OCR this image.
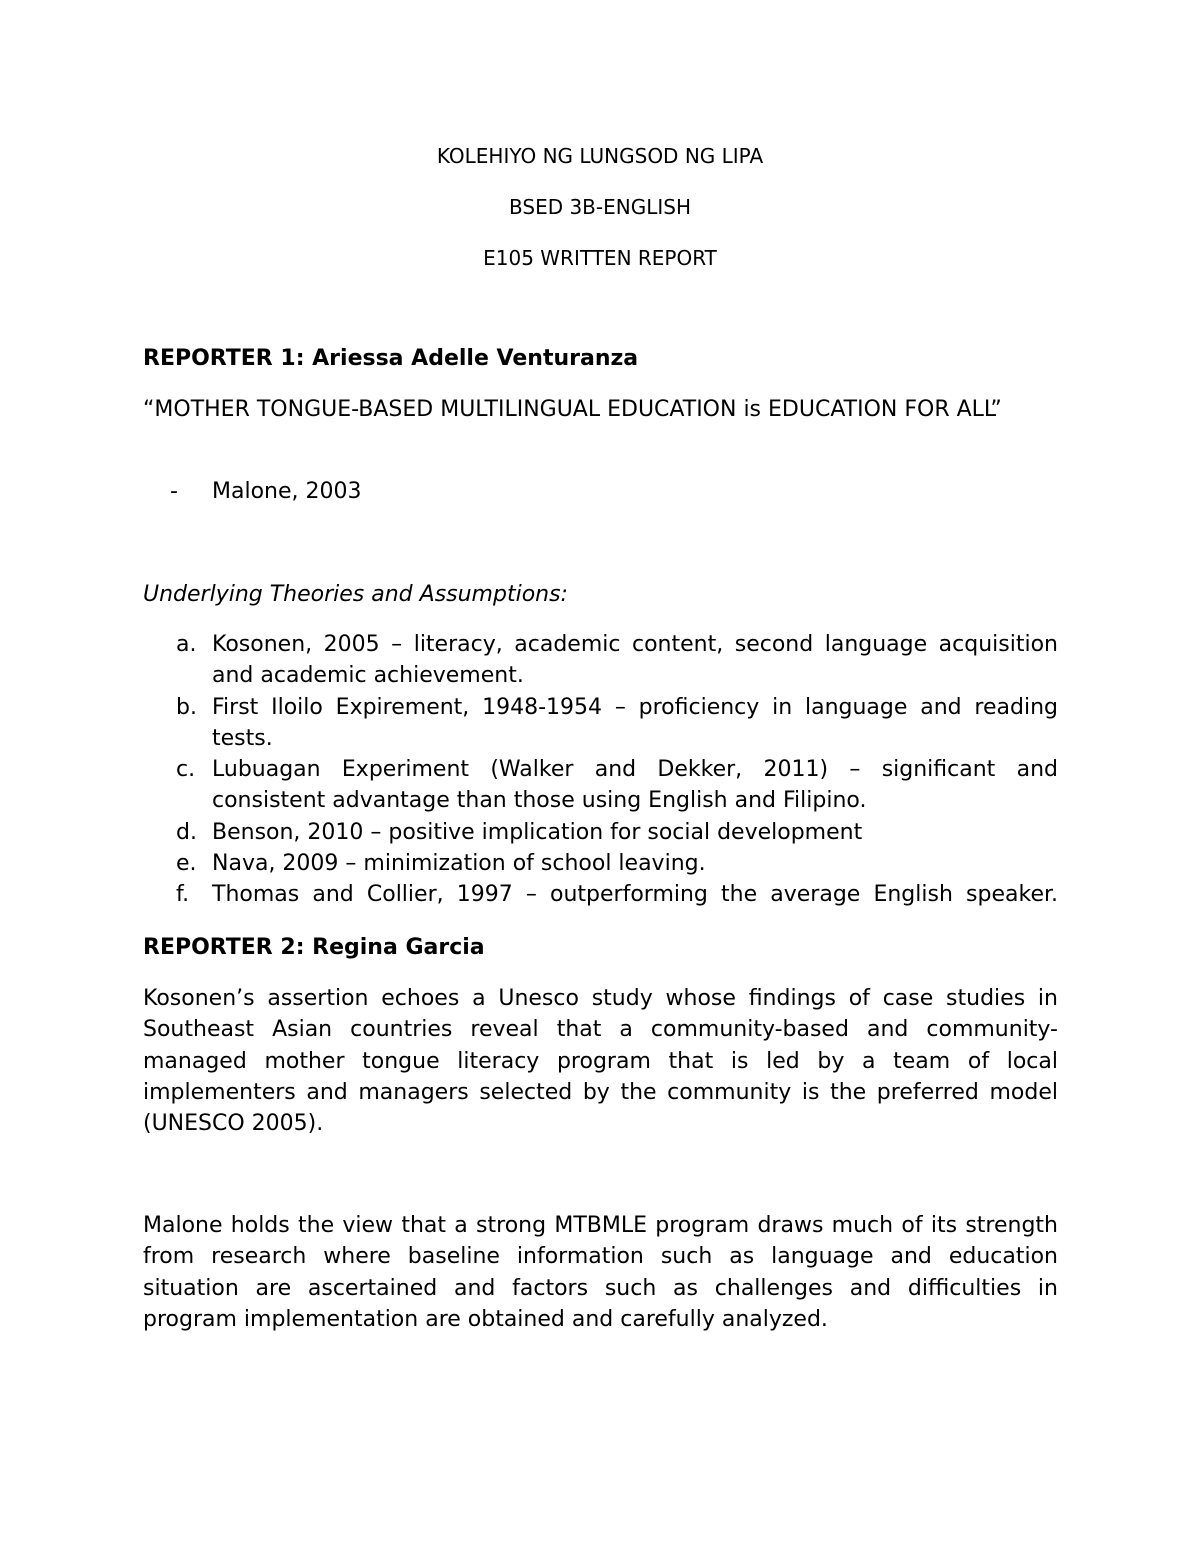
KOLEHIYO NG LUNGSOD NG LIPA
BSED 3B-ENGLISH
E105 WRITTEN REPORT
REPORTER 1: Ariessa Adelle Venturanza
“MOTHER TONGUE-BASED MULTILINGUAL EDUCATION is EDUCATION FOR ALL”
- Malone, 2003
Underlying Theories and Assumptions:
a. Kosonen, 2005 – literacy, academic content, second language acquisition and academic achievement.
b. First Iloilo Expirement, 1948-1954 – proficiency in language and reading tests.
c. Lubuagan Experiment (Walker and Dekker, 2011) – significant and consistent advantage than those using English and Filipino.
d. Benson, 2010 – positive implication for social development
e. Nava, 2009 – minimization of school leaving.
f. Thomas and Collier, 1997 – outperforming the average English speaker.
REPORTER 2: Regina Garcia
Kosonen’s assertion echoes a Unesco study whose findings of case studies in Southeast Asian countries reveal that a community-based and community-managed mother tongue literacy program that is led by a team of local implementers and managers selected by the community is the preferred model (UNESCO 2005).
Malone holds the view that a strong MTBMLE program draws much of its strength from research where baseline information such as language and education situation are ascertained and factors such as challenges and difficulties in program implementation are obtained and carefully analyzed.
